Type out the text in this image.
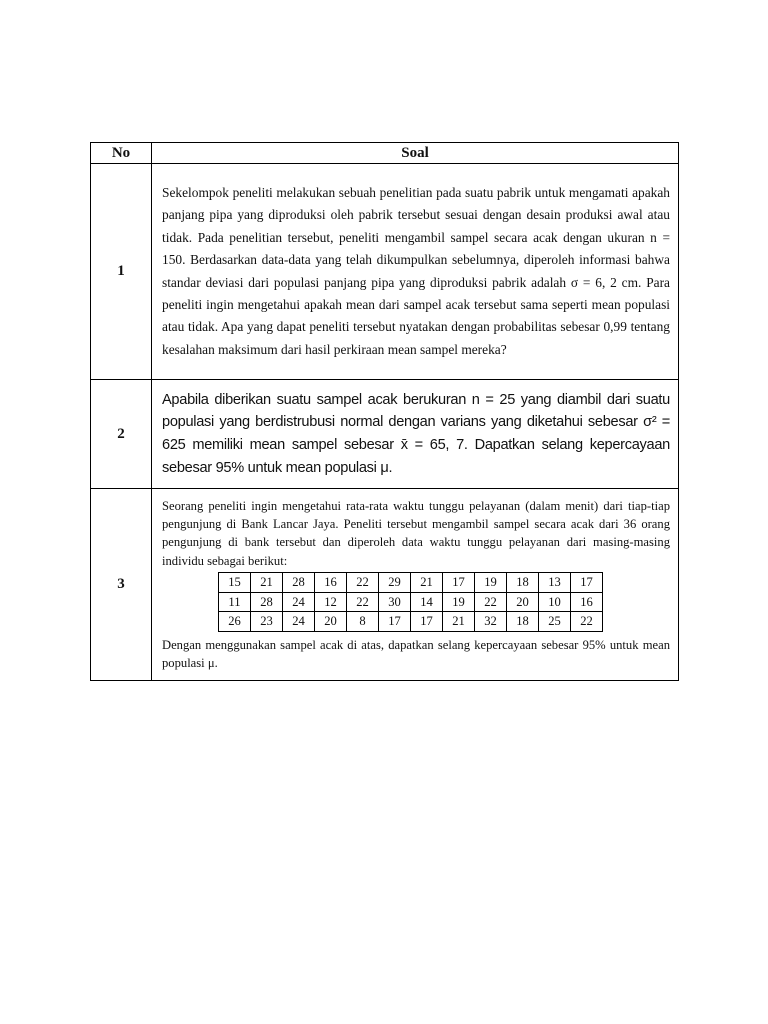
No	Soal
1	

Sekelompok peneliti melakukan sebuah penelitian pada suatu pabrik untuk mengamati apakah panjang pipa yang diproduksi oleh pabrik tersebut sesuai dengan desain produksi awal atau tidak. Pada penelitian tersebut, peneliti mengambil sampel secara acak dengan ukuran n = 150. Berdasarkan data-data yang telah dikumpulkan sebelumnya, diperoleh informasi bahwa standar deviasi dari populasi panjang pipa yang diproduksi pabrik adalah σ = 6, 2 cm. Para peneliti ingin mengetahui apakah mean dari sampel acak tersebut sama seperti mean populasi atau tidak. Apa yang dapat peneliti tersebut nyatakan dengan probabilitas sebesar 0,99 tentang kesalahan maksimum dari hasil perkiraan mean sampel mereka?

2	

Apabila diberikan suatu sampel acak berukuran n = 25 yang diambil dari suatu populasi yang berdistrubusi normal dengan varians yang diketahui sebesar σ² = 625 memiliki mean sampel sebesar x̄ = 65, 7. Dapatkan selang kepercayaan sebesar 95% untuk mean populasi μ.

3	

Seorang peneliti ingin mengetahui rata-rata waktu tunggu pelayanan (dalam menit) dari tiap-tiap pengunjung di Bank Lancar Jaya. Peneliti tersebut mengambil sampel secara acak dari 36 orang pengunjung di bank tersebut dan diperoleh data waktu tunggu pelayanan dari masing-masing individu sebagai berikut:

15	21	28	16	22	29	21	17	19	18	13	17
11	28	24	12	22	30	14	19	22	20	10	16
26	23	24	20	8	17	17	21	32	18	25	22

Dengan menggunakan sampel acak di atas, dapatkan selang kepercayaan sebesar 95% untuk mean populasi μ.
